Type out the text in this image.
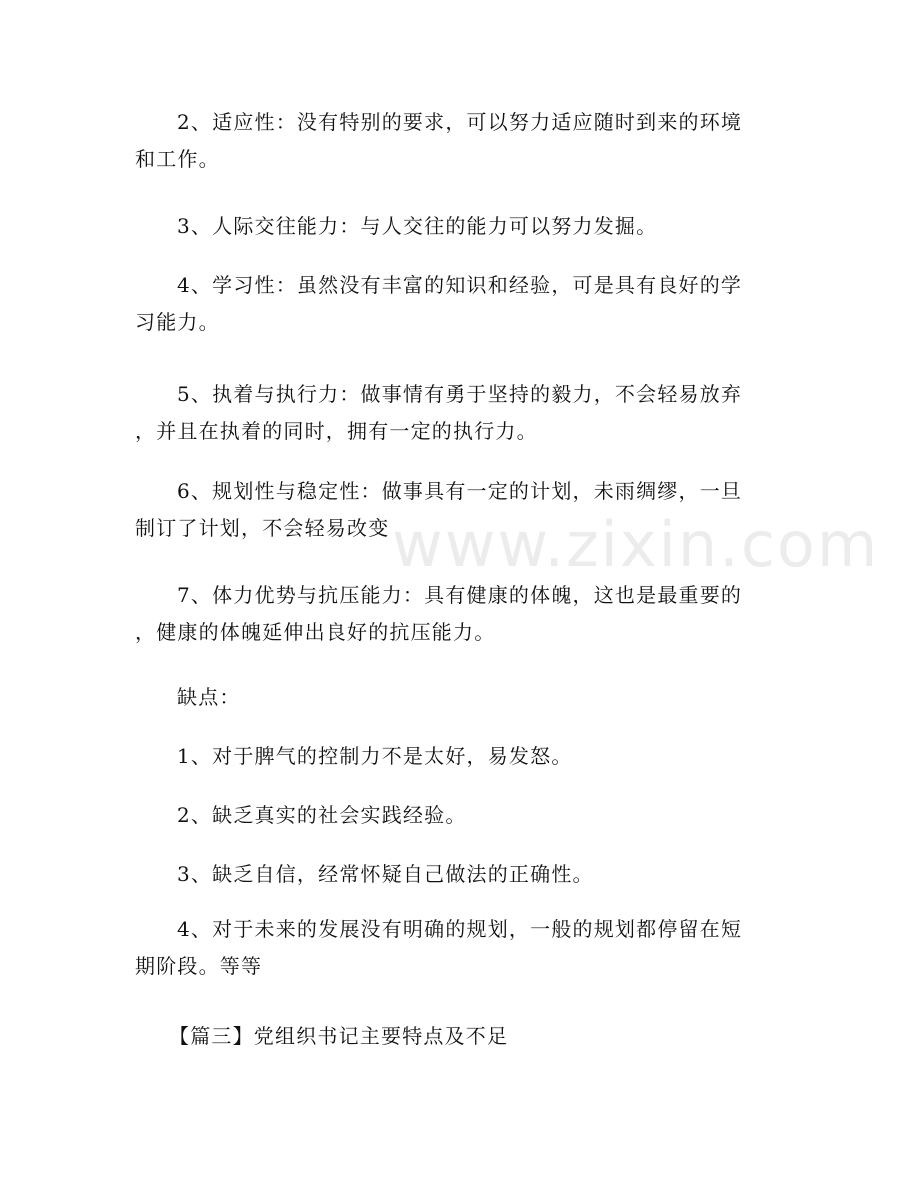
2、适应性：没有特别的要求，可以努力适应随时到来的环境
和工作。

3、人际交往能力：与人交往的能力可以努力发掘。

4、学习性：虽然没有丰富的知识和经验，可是具有良好的学
习能力。

5、执着与执行力：做事情有勇于坚持的毅力，不会轻易放弃
，并且在执着的同时，拥有一定的执行力。

6、规划性与稳定性：做事具有一定的计划，未雨绸缪，一旦
制订了计划，不会轻易改变

7、体力优势与抗压能力：具有健康的体魄，这也是最重要的
，健康的体魄延伸出良好的抗压能力。

缺点：

1、对于脾气的控制力不是太好，易发怒。

2、缺乏真实的社会实践经验。

3、缺乏自信，经常怀疑自己做法的正确性。

4、对于未来的发展没有明确的规划，一般的规划都停留在短
期阶段。等等

【篇三】党组织书记主要特点及不足

www.zixin.com
